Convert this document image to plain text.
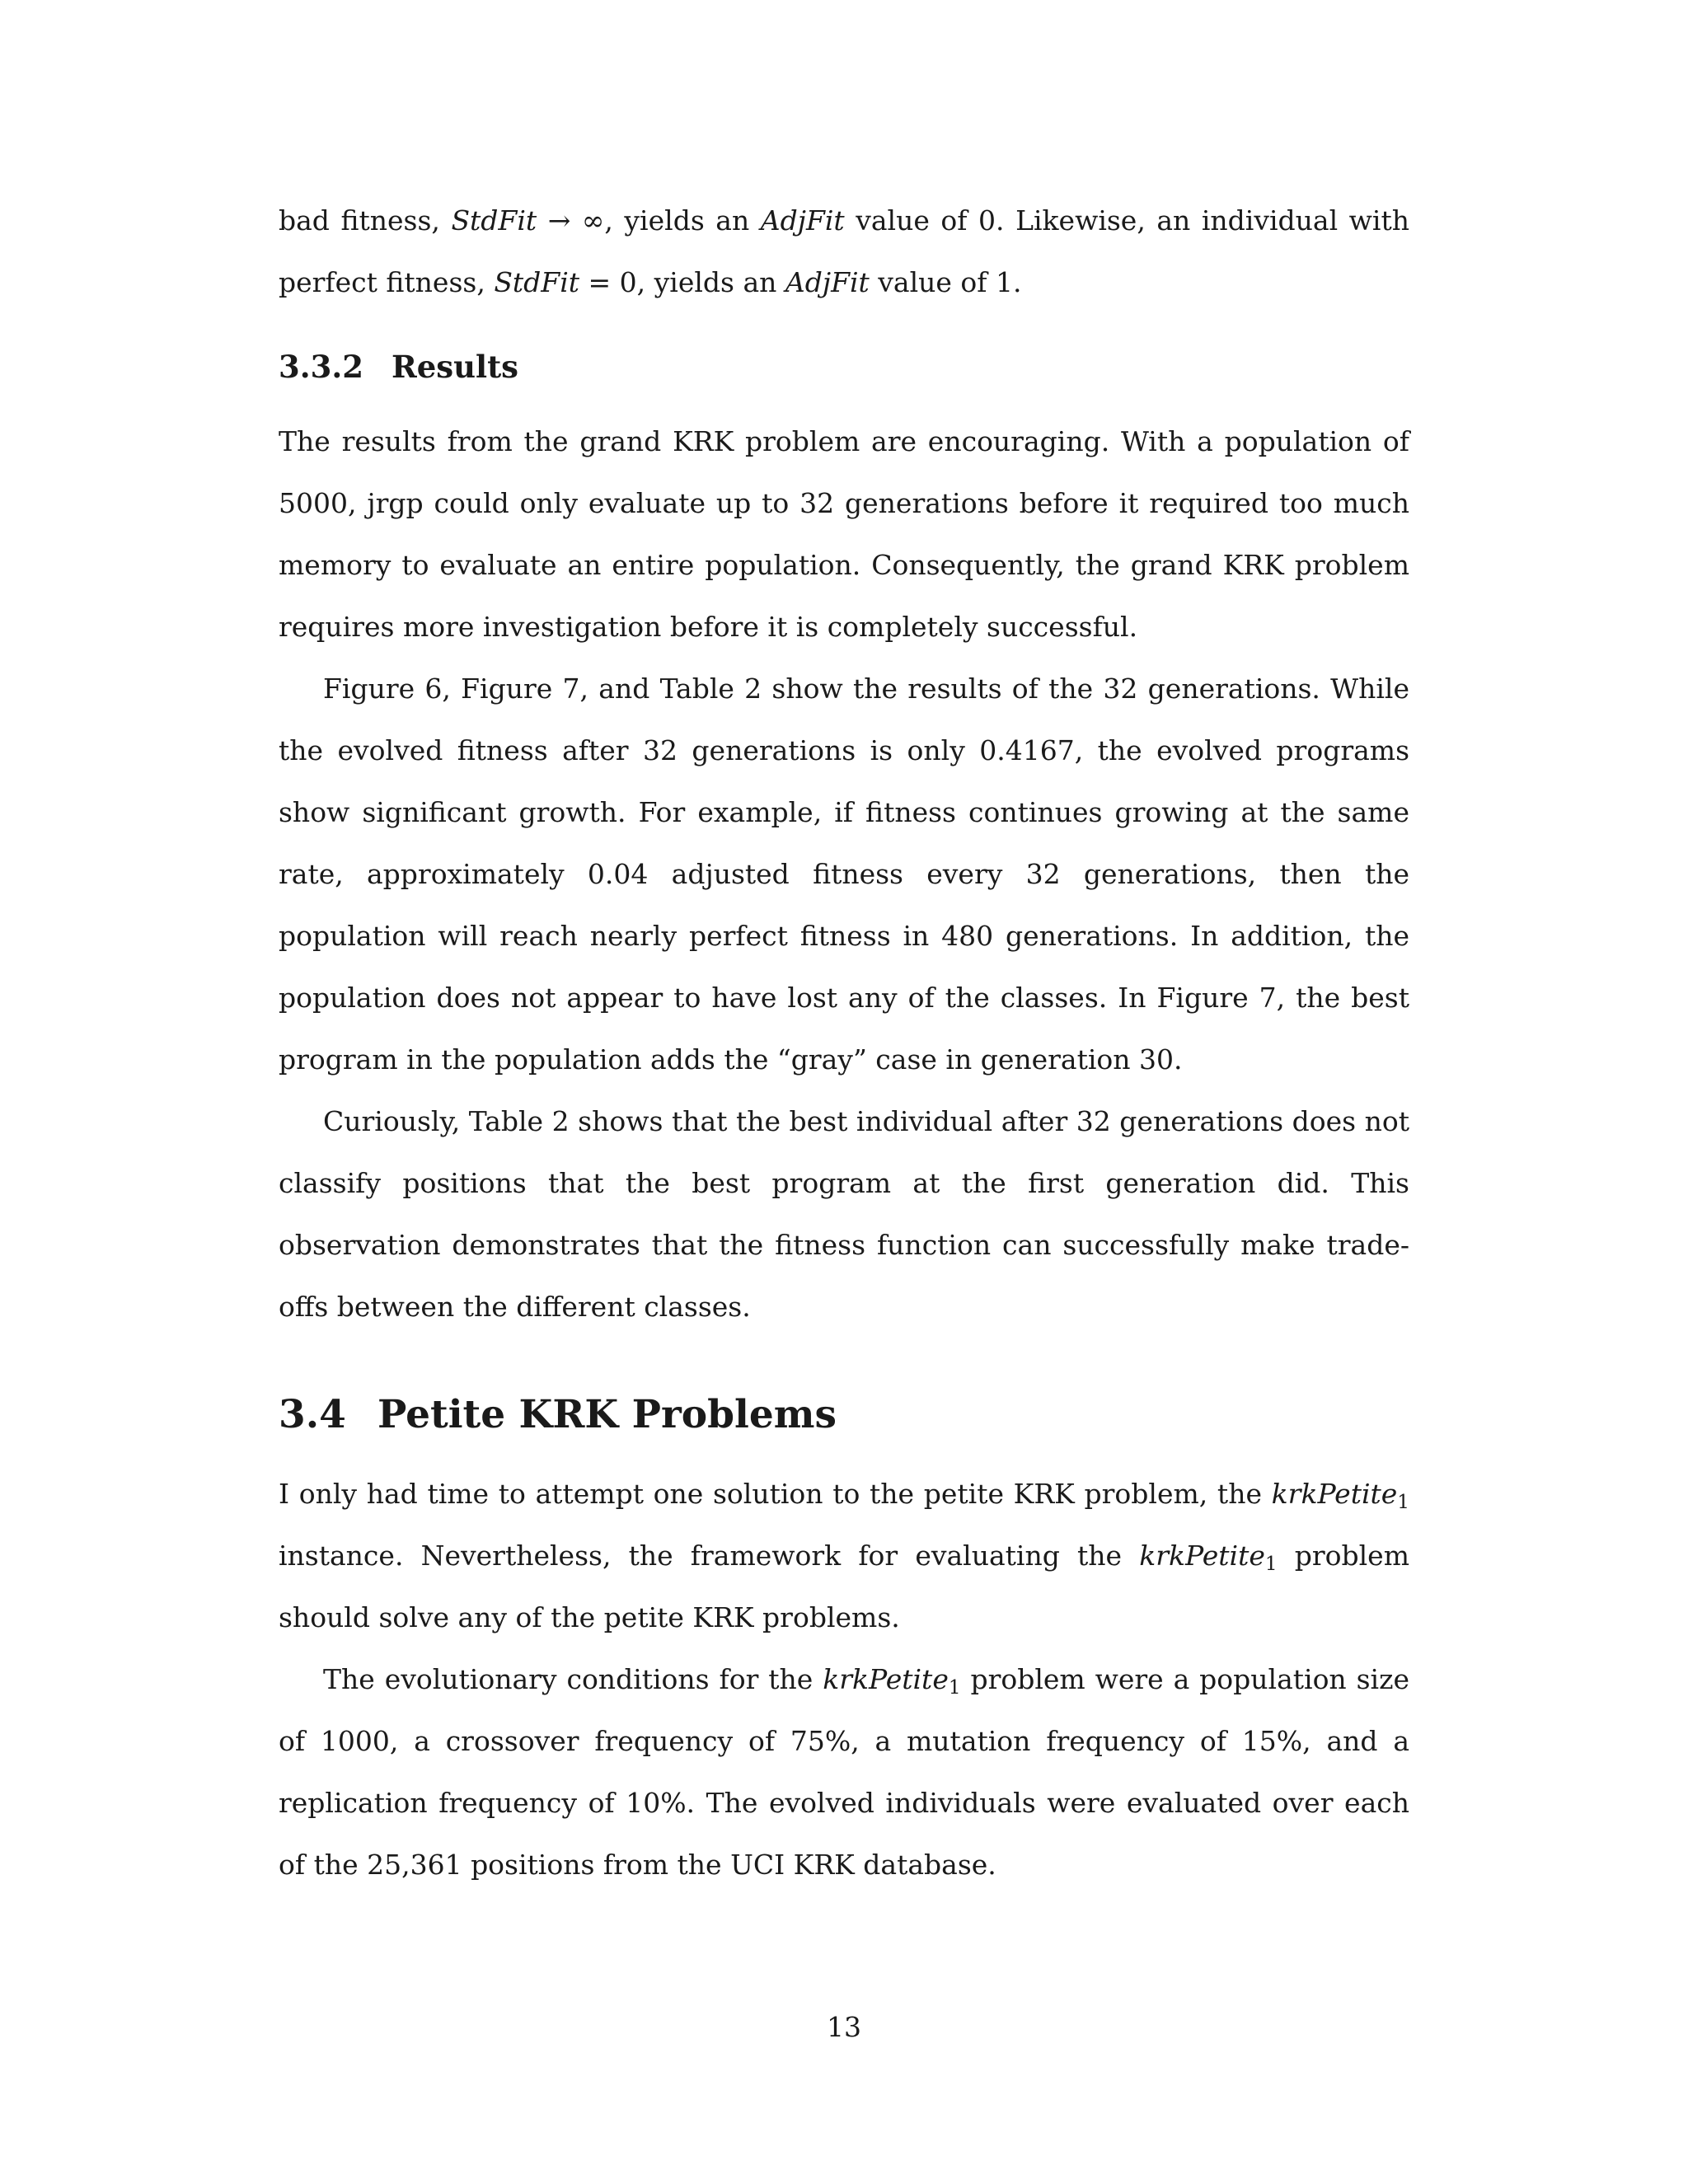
bad fitness, StdFit → ∞, yields an AdjFit value of 0. Likewise, an individual with perfect fitness, StdFit = 0, yields an AdjFit value of 1.

3.3.2 Results

The results from the grand KRK problem are encouraging. With a population of 5000, jrgp could only evaluate up to 32 generations before it required too much memory to evaluate an entire population. Consequently, the grand KRK problem requires more investigation before it is completely successful.

Figure 6, Figure 7, and Table 2 show the results of the 32 generations. While the evolved fitness after 32 generations is only 0.4167, the evolved programs show significant growth. For example, if fitness continues growing at the same rate, approximately 0.04 adjusted fitness every 32 generations, then the population will reach nearly perfect fitness in 480 generations. In addition, the population does not appear to have lost any of the classes. In Figure 7, the best program in the population adds the “gray” case in generation 30.

Curiously, Table 2 shows that the best individual after 32 generations does not classify positions that the best program at the first generation did. This observation demonstrates that the fitness function can successfully make trade-offs between the different classes.

3.4 Petite KRK Problems

I only had time to attempt one solution to the petite KRK problem, the krkPetite$_1$ instance. Nevertheless, the framework for evaluating the krkPetite$_1$ problem should solve any of the petite KRK problems.

The evolutionary conditions for the krkPetite$_1$ problem were a population size of 1000, a crossover frequency of 75%, a mutation frequency of 15%, and a replication frequency of 10%. The evolved individuals were evaluated over each of the 25,361 positions from the UCI KRK database.

13
